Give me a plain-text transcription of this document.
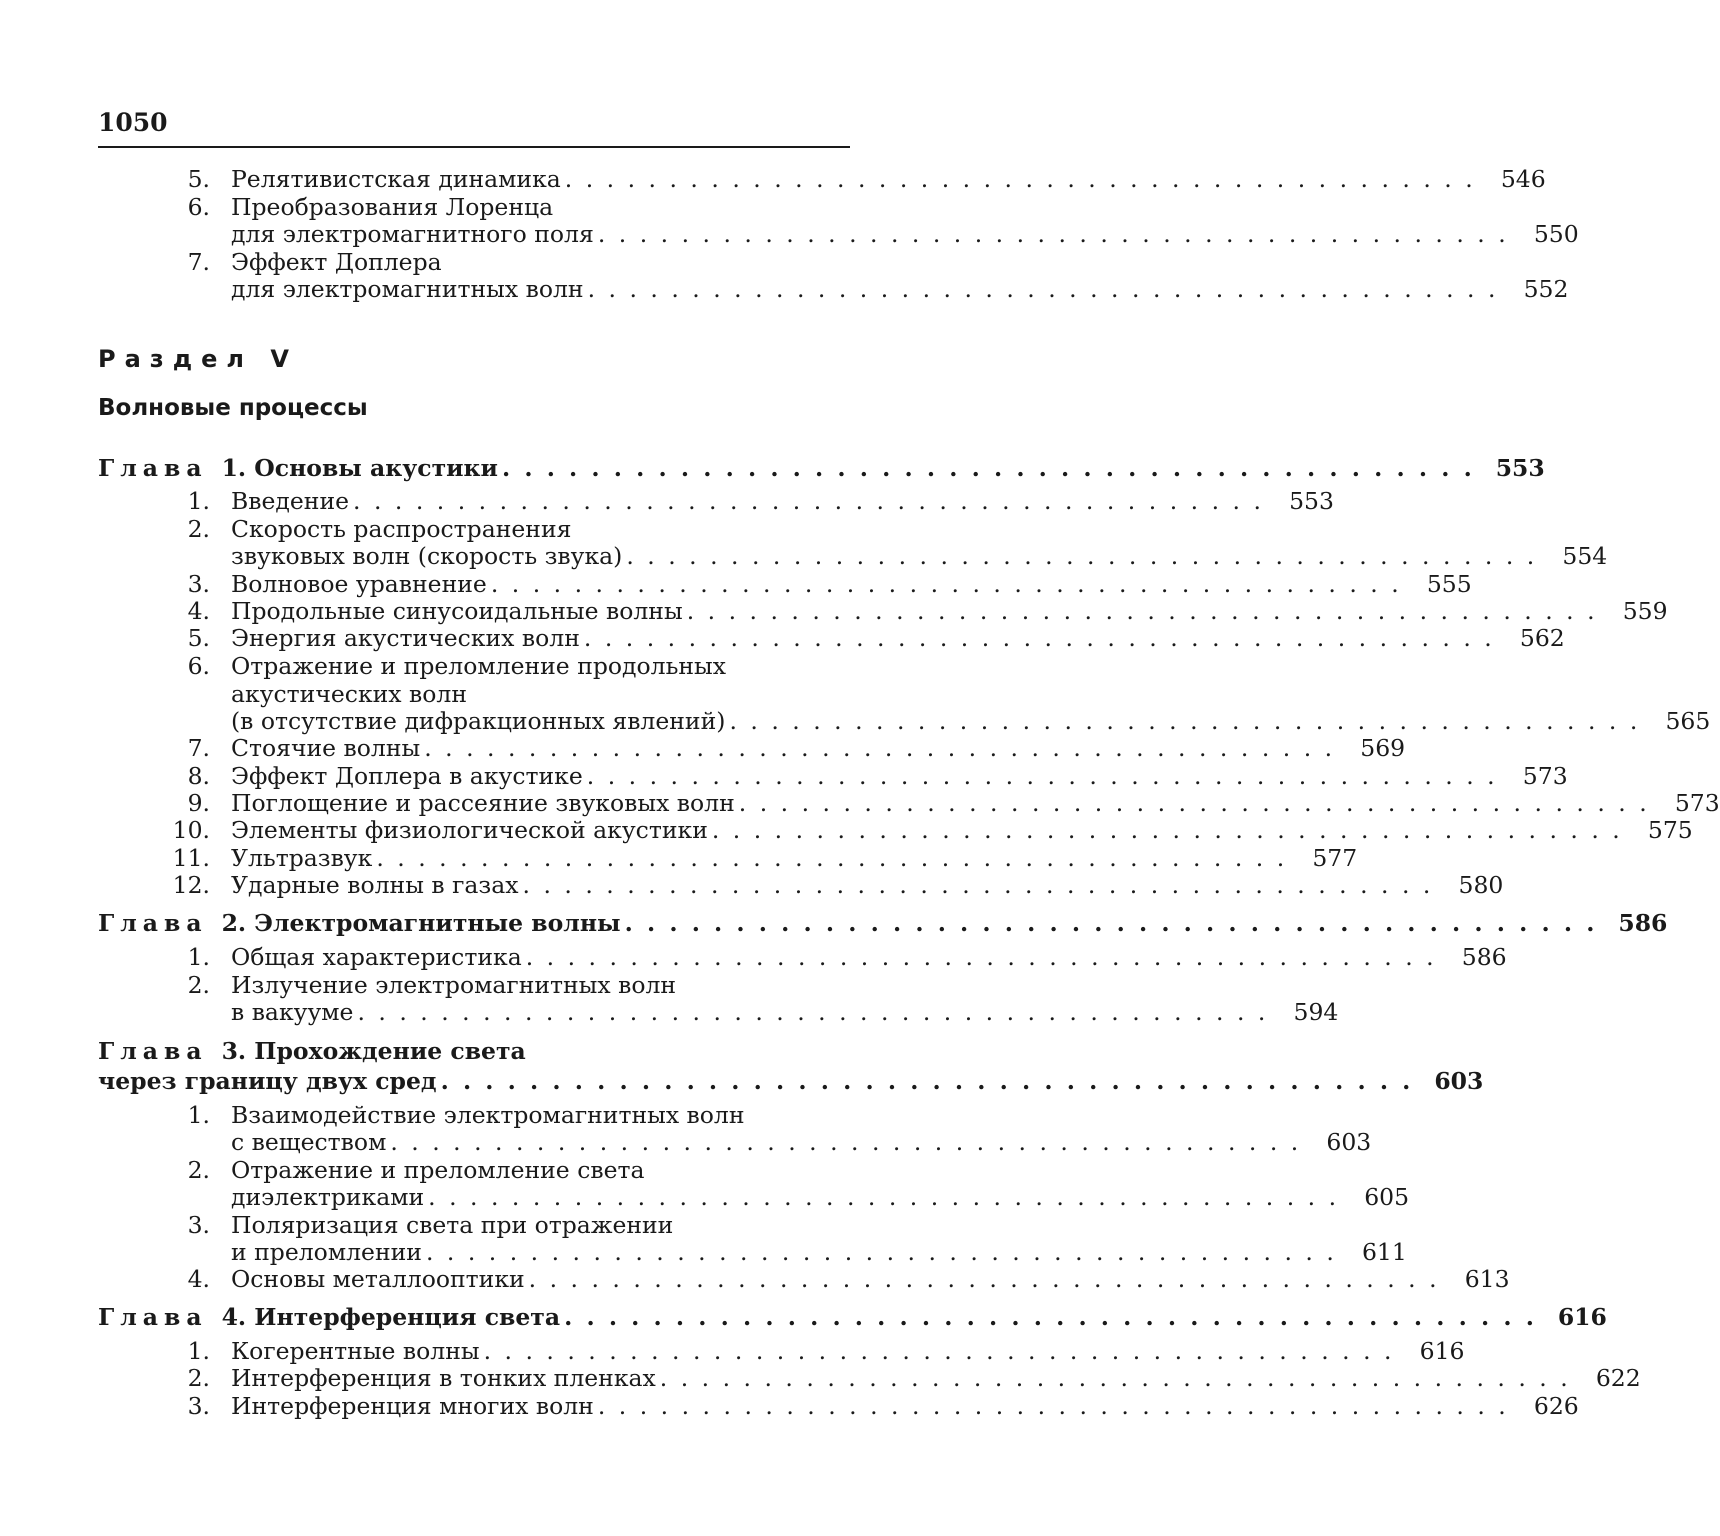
1050
Раздел V
Волновые процессы
5. Релятивистская динамика . . . . . . . . . . . . . . . . . . . . . . . . . . . . . . . . . . . . . . . . . . . .	546
6. Преобразования Лоренца
для электромагнитного поля . . . . . . . . . . . . . . . . . . . . . . . . . . . . . . . . . . . . . . . . . . . .	550
7. Эффект Доплера
для электромагнитных волн . . . . . . . . . . . . . . . . . . . . . . . . . . . . . . . . . . . . . . . . . . . .	552
Глава 1. Основы акустики . . . . . . . . . . . . . . . . . . . . . . . . . . . . . . . . . . . . . . . . . . . . 553
1. Введение . . . . . . . . . . . . . . . . . . . . . . . . . . . . . . . . . . . . . . . . . . . .	553
2. Скорость распространения
звуковых волн (скорость звука) . . . . . . . . . . . . . . . . . . . . . . . . . . . . . . . . . . . . . . . . . . . .	554
3. Волновое уравнение . . . . . . . . . . . . . . . . . . . . . . . . . . . . . . . . . . . . . . . . . . . .	555
4. Продольные синусоидальные волны . . . . . . . . . . . . . . . . . . . . . . . . . . . . . . . . . . . . . . . . . . . .	559
5. Энергия акустических волн . . . . . . . . . . . . . . . . . . . . . . . . . . . . . . . . . . . . . . . . . . . .	562
6. Отражение и преломление продольных
акустических волн
(в отсутствие дифракционных явлений) . . . . . . . . . . . . . . . . . . . . . . . . . . . . . . . . . . . . . . . . . . . .	565
7. Стоячие волны . . . . . . . . . . . . . . . . . . . . . . . . . . . . . . . . . . . . . . . . . . . .	569
8. Эффект Доплера в акустике . . . . . . . . . . . . . . . . . . . . . . . . . . . . . . . . . . . . . . . . . . . .	573
9. Поглощение и рассеяние звуковых волн . . . . . . . . . . . . . . . . . . . . . . . . . . . . . . . . . . . . . . . . . . . .	573
10. Элементы физиологической акустики . . . . . . . . . . . . . . . . . . . . . . . . . . . . . . . . . . . . . . . . . . . .	575
11. Ультразвук . . . . . . . . . . . . . . . . . . . . . . . . . . . . . . . . . . . . . . . . . . . .	577
12. Ударные волны в газах . . . . . . . . . . . . . . . . . . . . . . . . . . . . . . . . . . . . . . . . . . . .	580
Глава 2. Электромагнитные волны . . . . . . . . . . . . . . . . . . . . . . . . . . . . . . . . . . . . . . . . . . . . 586
1. Общая характеристика . . . . . . . . . . . . . . . . . . . . . . . . . . . . . . . . . . . . . . . . . . . .	586
2. Излучение электромагнитных волн
в вакууме . . . . . . . . . . . . . . . . . . . . . . . . . . . . . . . . . . . . . . . . . . . .	594
Глава 3. Прохождение света
через границу двух сред . . . . . . . . . . . . . . . . . . . . . . . . . . . . . . . . . . . . . . . . . . . . 603
1. Взаимодействие электромагнитных волн
с веществом . . . . . . . . . . . . . . . . . . . . . . . . . . . . . . . . . . . . . . . . . . . .	603
2. Отражение и преломление света
диэлектриками . . . . . . . . . . . . . . . . . . . . . . . . . . . . . . . . . . . . . . . . . . . .	605
3. Поляризация света при отражении
и преломлении . . . . . . . . . . . . . . . . . . . . . . . . . . . . . . . . . . . . . . . . . . . .	611
4. Основы металлооптики . . . . . . . . . . . . . . . . . . . . . . . . . . . . . . . . . . . . . . . . . . . .	613
Глава 4. Интерференция света . . . . . . . . . . . . . . . . . . . . . . . . . . . . . . . . . . . . . . . . . . . . 616
1. Когерентные волны . . . . . . . . . . . . . . . . . . . . . . . . . . . . . . . . . . . . . . . . . . . .	616
2. Интерференция в тонких пленках . . . . . . . . . . . . . . . . . . . . . . . . . . . . . . . . . . . . . . . . . . . .	622
3. Интерференция многих волн . . . . . . . . . . . . . . . . . . . . . . . . . . . . . . . . . . . . . . . . . . . .	626
